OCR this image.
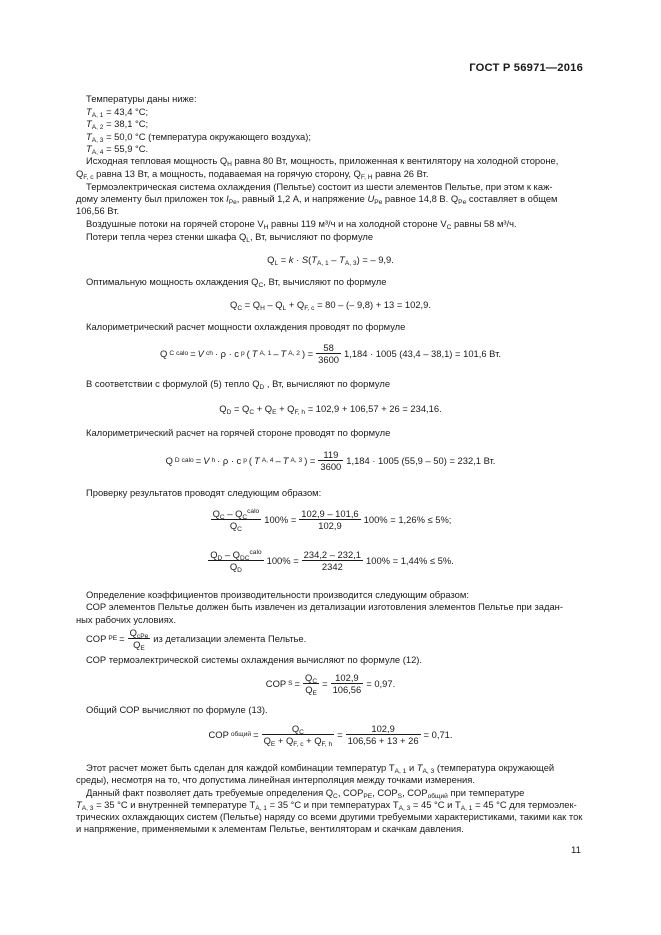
ГОСТ Р 56971—2016
Температуры даны ниже:
$T_{A, 1} = 43,4$ °C;
$T_{A, 2} = 38,1$ °C;
$T_{A, 3} = 50,0$ °C (температура окружающего воздуха);
$T_{A, 4} = 55,9$ °C.
Исходная тепловая мощность $Q_H$ равна 80 Вт, мощность, приложенная к вентилятору на холодной стороне,
$Q_{F, c}$ равна 13 Вт, а мощность, подаваемая на горячую сторону, $Q_{F, H}$ равна 26 Вт.
Термоэлектрическая система охлаждения (Пельтье) состоит из шести элементов Пельтье, при этом к каж-
дому элементу был приложен ток $I_{Pe}$, равный 1,2 А, и напряжение $U_{Pe}$ равное 14,8 В. $Q_{Pe}$ составляет в общем
106,56 Вт.
Воздушные потоки на горячей стороне $V_H$ равны 119 м³/ч и на холодной стороне $V_C$ равны 58 м³/ч.
Потери тепла через стенки шкафа $Q_L$, Вт, вычисляют по формуле
$Q_L = k \cdot S(T_{A, 1} - T_{A, 3})$ = – 9,9.
Оптимальную мощность охлаждения $Q_C$, Вт, вычисляют по формуле
$Q_C = Q_H - Q_L + Q_{F, c} = 80$ – (– 9,8) + 13 = 102,9.
Калориметрический расчет мощности охлаждения проводят по формуле
Q C calo = V ch · ρ · c p ( T A, 1 – T A, 2 ) = $\frac{58}{3600} 1,184 \cdot 1005$ (43,4 – 38,1) = 101,6 Вт.
В соответствии с формулой (5) тепло $Q_D$ , Вт, вычисляют по формуле
$Q_D = Q_C + Q_E + Q_{F, h} = 102,9 + 106,57 + 26 = 234,16$.
Калориметрический расчет на горячей стороне проводят по формуле
Q D calo = V h · ρ · c p ( T A, 4 – T A, 3 ) = $\frac{119}{3600} 1,184 \cdot 1005$ (55,9 – 50) = 232,1 Вт.
Проверку результатов проводят следующим образом:
$\frac{Q_C - Q_C^{calo}}{Q_C} 100\% = \frac{102,9 - 101,6}{102,9} 100\% = 1,26\% \le 5\%$;
$\frac{Q_D - Q_{DC}^{calo}}{Q_D} 100\% = \frac{234,2 - 232,1}{2342} 100\% = 1,44\% \le 5\%$.
Определение коэффициентов производительности производится следующим образом:
СОР элементов Пельтье должен быть извлечен из детализации изготовления элементов Пельтье при задан-
ных рабочих условиях.
COP PE = $\frac{Q_{cPe}}{Q_E}$ из детализации элемента Пельтье.
СОР термоэлектрической системы охлаждения вычисляют по формуле (12).
COP $S = \frac{Q_C}{Q_E} = \frac{102,9}{106,56} = 0,97$.
Общий СОР вычисляют по формуле (13).
COP общий = $\frac{Q_C}{Q_E + Q_{F, c} + Q_{F, h}} = \frac{102,9}{106,56 + 13 + 26} = 0,71$.
Этот расчет может быть сделан для каждой комбинации температур $T_{A, 1}$ и $T_{A, 3}$ (температура окружающей
среды), несмотря на то, что допустима линейная интерполяция между точками измерения.
Данный факт позволяет дать требуемые определения $Q_C$, $COP_{PE}$, $COP_S$, $COP_{общий}$ при температуре
$T_{A, 3} = 35$ °C и внутренней температуре $T_{A, 1} = 35$ °C и при температурах $T_{A, 3} = 45$ °C и $T_{A, 1} = 45$ °C для термоэлек-
трических охлаждающих систем (Пельтье) наряду со всеми другими требуемыми характеристиками, такими как ток
и напряжение, применяемыми к элементам Пельтье, вентиляторам и скачкам давления.
11
